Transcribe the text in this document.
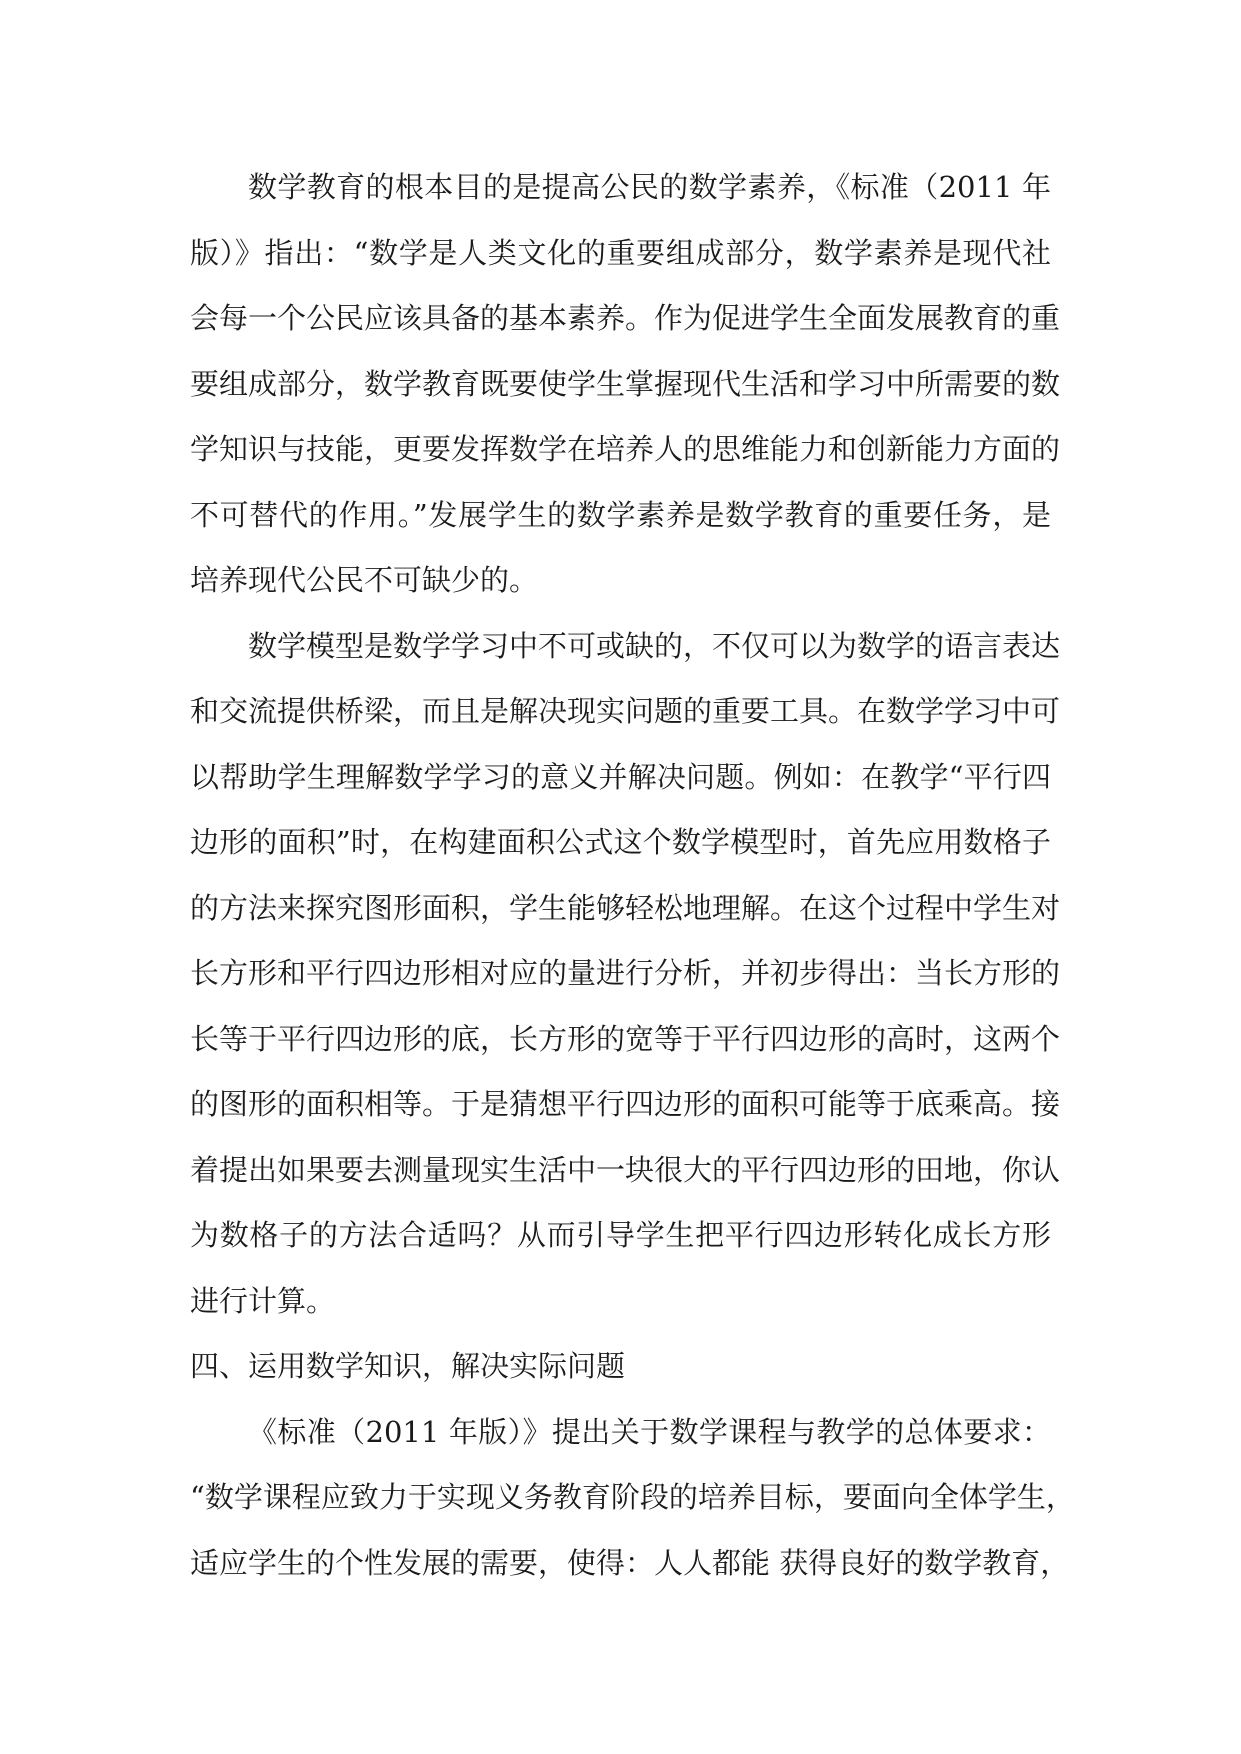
数学教育的根本目的是提高公民的数学素养，《标准（2011 年
版）》指出：“数学是人类文化的重要组成部分，数学素养是现代社
会每一个公民应该具备的基本素养。作为促进学生全面发展教育的重
要组成部分，数学教育既要使学生掌握现代生活和学习中所需要的数
学知识与技能，更要发挥数学在培养人的思维能力和创新能力方面的
不可替代的作用。”发展学生的数学素养是数学教育的重要任务，是
培养现代公民不可缺少的。

数学模型是数学学习中不可或缺的，不仅可以为数学的语言表达
和交流提供桥梁，而且是解决现实问题的重要工具。在数学学习中可
以帮助学生理解数学学习的意义并解决问题。例如：在教学“平行四
边形的面积”时，在构建面积公式这个数学模型时，首先应用数格子
的方法来探究图形面积，学生能够轻松地理解。在这个过程中学生对
长方形和平行四边形相对应的量进行分析，并初步得出：当长方形的
长等于平行四边形的底，长方形的宽等于平行四边形的高时，这两个
的图形的面积相等。于是猜想平行四边形的面积可能等于底乘高。接
着提出如果要去测量现实生活中一块很大的平行四边形的田地，你认
为数格子的方法合适吗？从而引导学生把平行四边形转化成长方形
进行计算。

四、运用数学知识，解决实际问题

《标准（2011 年版）》提出关于数学课程与教学的总体要求：
“数学课程应致力于实现义务教育阶段的培养目标，要面向全体学生，
适应学生的个性发展的需要，使得：人人都能 获得良好的数学教育，
